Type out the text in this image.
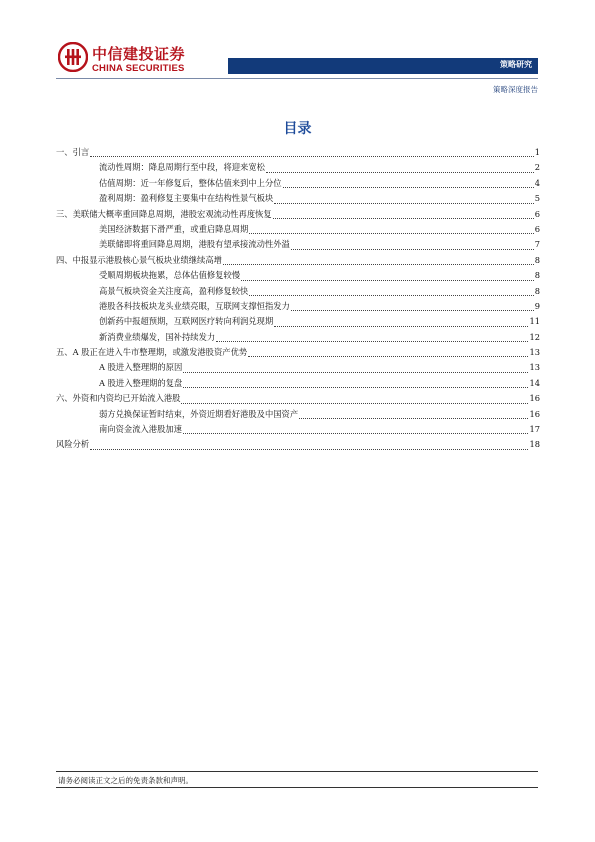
中信建投证券
CHINA SECURITIES	策略研究
策略深度报告
目录
一、引言	1
流动性周期：降息周期行至中段，将迎来宽松	2
估值周期：近一年修复后，整体估值来到中上分位	4
盈利周期：盈利修复主要集中在结构性景气板块	5
三、美联储大概率重回降息周期，港股宏观流动性再度恢复	6
美国经济数据下滑严重，或重启降息周期	6
美联储即将重回降息周期，港股有望承接流动性外溢	7
四、中报显示港股核心景气板块业绩继续高增	8
受顺周期板块拖累，总体估值修复较慢	8
高景气板块资金关注度高，盈利修复较快	8
港股各科技板块龙头业绩亮眼，互联网支撑恒指发力	9
创新药中报超预期，互联网医疗转向利润兑现期	11
新消费业绩爆发，国补持续发力	12
五、A 股正在进入牛市整理期，或激发港股资产优势	13
A 股进入整理期的原因	13
A 股进入整理期的复盘	14
六、外资和内资均已开始流入港股	16
弱方兑换保证暂时结束，外资近期看好港股及中国资产	16
南向资金流入港股加速	17
风险分析	18
请务必阅读正文之后的免责条款和声明。
